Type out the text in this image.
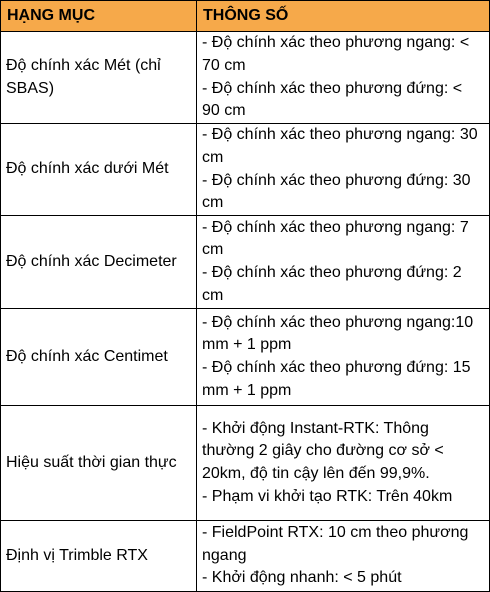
HẠNG MỤC	THÔNG SỐ
Độ chính xác Mét (chỉ SBAS)	- Độ chính xác theo phương ngang: < 70 cm
- Độ chính xác theo phương đứng: < 90 cm

Độ chính xác dưới Mét	- Độ chính xác theo phương ngang: 30 cm
- Độ chính xác theo phương đứng: 30 cm

Độ chính xác Decimeter	- Độ chính xác theo phương ngang: 7 cm
- Độ chính xác theo phương đứng: 2 cm

Độ chính xác Centimet	- Độ chính xác theo phương ngang:10 mm + 1 ppm
- Độ chính xác theo phương đứng: 15 mm + 1 ppm

Hiệu suất thời gian thực	- Khởi động Instant-RTK: Thông thường 2 giây cho đường cơ sở < 20km, độ tin cậy lên đến 99,9%.
- Phạm vi khởi tạo RTK: Trên 40km

Định vị Trimble RTX	- FieldPoint RTX: 10 cm theo phương ngang
- Khởi động nhanh: < 5 phút
